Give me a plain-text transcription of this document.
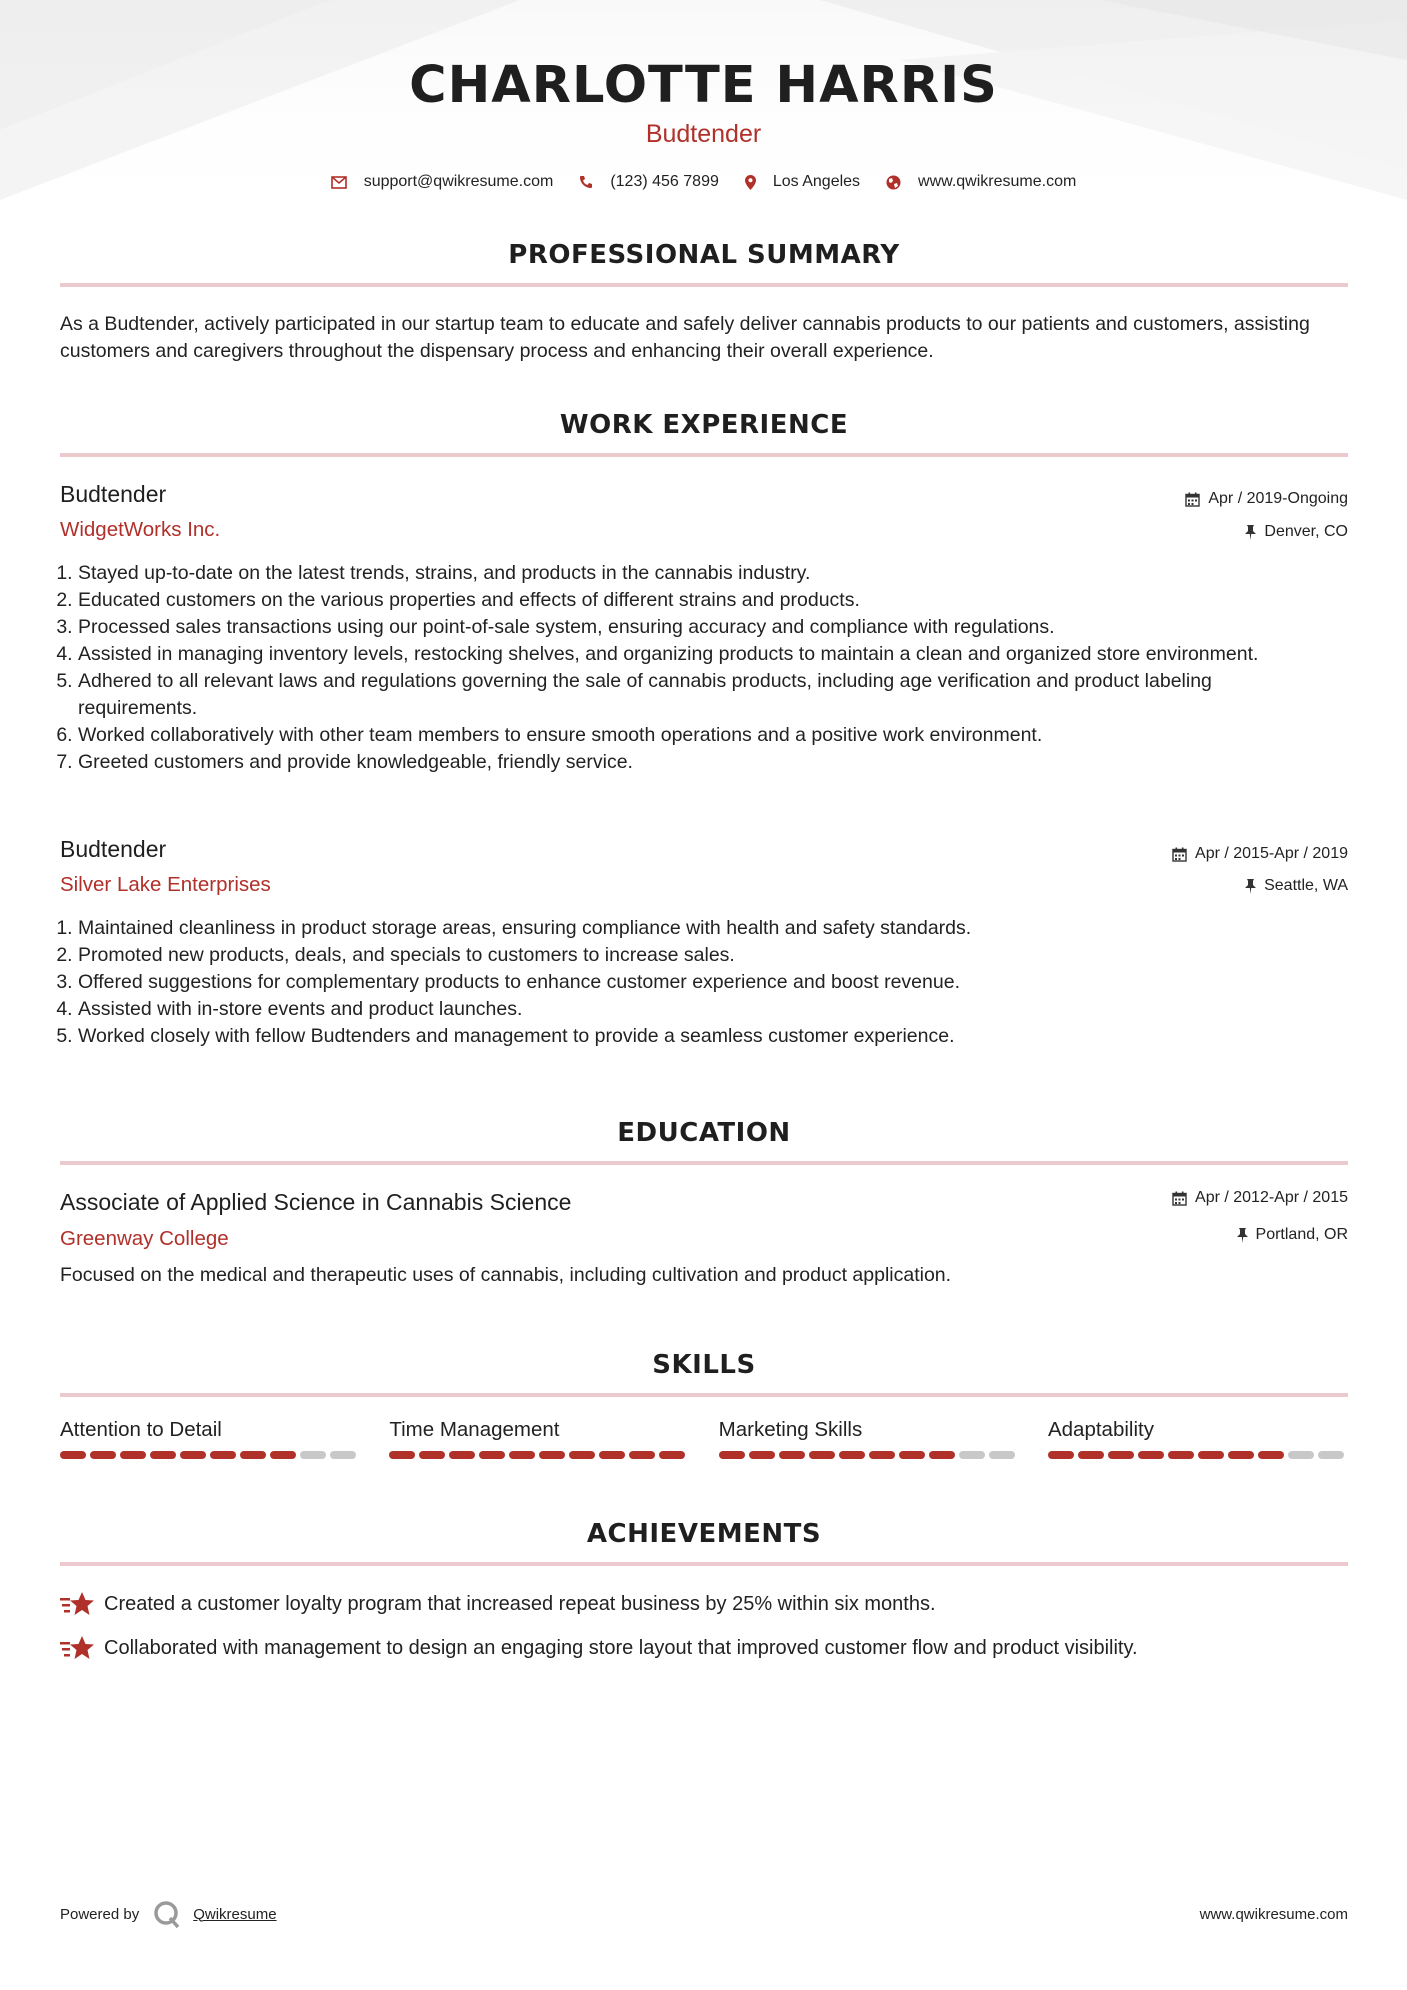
CHARLOTTE HARRIS
Budtender
support@qwikresume.com	(123) 456 7899	Los Angeles	www.qwikresume.com
PROFESSIONAL SUMMARY
As a Budtender, actively participated in our startup team to educate and safely deliver cannabis products to our patients and customers, assisting customers and caregivers throughout the dispensary process and enhancing their overall experience.
WORK EXPERIENCE
Budtender	Apr / 2019-Ongoing
WidgetWorks Inc.	Denver, CO
1. Stayed up-to-date on the latest trends, strains, and products in the cannabis industry.
2. Educated customers on the various properties and effects of different strains and products.
3. Processed sales transactions using our point-of-sale system, ensuring accuracy and compliance with regulations.
4. Assisted in managing inventory levels, restocking shelves, and organizing products to maintain a clean and organized store environment.
5. Adhered to all relevant laws and regulations governing the sale of cannabis products, including age verification and product labeling requirements.
6. Worked collaboratively with other team members to ensure smooth operations and a positive work environment.
7. Greeted customers and provide knowledgeable, friendly service.
Budtender	Apr / 2015-Apr / 2019
Silver Lake Enterprises	Seattle, WA
1. Maintained cleanliness in product storage areas, ensuring compliance with health and safety standards.
2. Promoted new products, deals, and specials to customers to increase sales.
3. Offered suggestions for complementary products to enhance customer experience and boost revenue.
4. Assisted with in-store events and product launches.
5. Worked closely with fellow Budtenders and management to provide a seamless customer experience.
EDUCATION
Associate of Applied Science in Cannabis Science	Apr / 2012-Apr / 2015
Greenway College	Portland, OR
Focused on the medical and therapeutic uses of cannabis, including cultivation and product application.
SKILLS
Attention to Detail	Time Management	Marketing Skills	Adaptability
ACHIEVEMENTS
Created a customer loyalty program that increased repeat business by 25% within six months.
Collaborated with management to design an engaging store layout that improved customer flow and product visibility.
Powered by	Qwikresume	www.qwikresume.com
